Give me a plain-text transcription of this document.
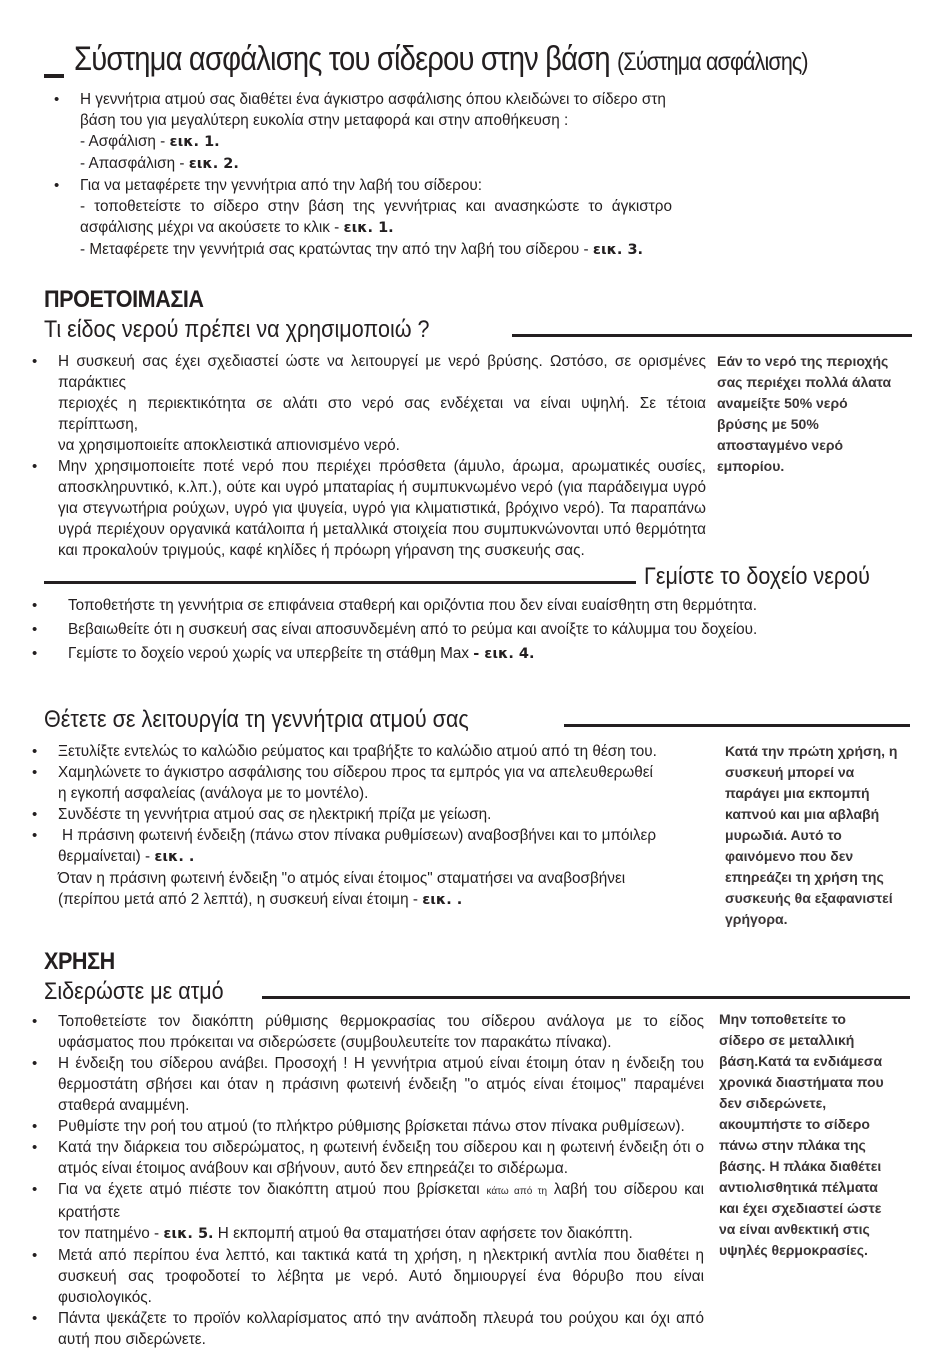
Σύστημα ασφάλισης του σίδερου στην βάση (Σύστημα ασφάλισης)
• Η γεννήτρια ατμού σας διαθέτει ένα άγκιστρο ασφάλισης όπου κλειδώνει το σίδερο στη
βάση του για μεγαλύτερη ευκολία στην μεταφορά και στην αποθήκευση :
- Ασφάλιση - εικ. 1.
- Απασφάλιση - εικ. 2.
• Για να μεταφέρετε την γεννήτρια από την λαβή του σίδερου:
- τοποθετείστε το σίδερο στην βάση της γεννήτριας και ανασηκώστε το άγκιστρο
ασφάλισης μέχρι να ακούσετε το κλικ - εικ. 1.
- Μεταφέρετε την γεννήτριά σας κρατώντας την από την λαβή του σίδερου - εικ. 3.
ΠΡΟΕΤΟΙΜΑΣΙΑ
Τι είδος νερού πρέπει να χρησιμοποιώ ?
• Η συσκευή σας έχει σχεδιαστεί ώστε να λειτουργεί με νερό βρύσης. Ωστόσο, σε ορισμένες παράκτιες
περιοχές η περιεκτικότητα σε αλάτι στο νερό σας ενδέχεται να είναι υψηλή. Σε τέτοια περίπτωση,
να χρησιμοποιείτε αποκλειστικά απιονισμένο νερό.
• Μην χρησιμοποιείτε ποτέ νερό που περιέχει πρόσθετα (άμυλο, άρωμα, αρωματικές ουσίες, αποσκληρυντικό, κ.λπ.), ούτε και υγρό μπαταρίας ή συμπυκνωμένο νερό (για παράδειγμα υγρό για στεγνωτήρια ρούχων, υγρό για ψυγεία, υγρό για κλιματιστικά, βρόχινο νερό). Τα παραπάνω υγρά περιέχουν οργανικά κατάλοιπα ή μεταλλικά στοιχεία που συμπυκνώνονται υπό θερμότητα και προκαλούν τριγμούς, καφέ κηλίδες ή πρόωρη γήρανση της συσκευής σας.
Εάν το νερό της περιοχής
σας περιέχει πολλά άλατα
αναμείξτε 50% νερό
βρύσης με 50%
αποσταγμένο νερό
εμπορίου.
Γεμίστε το δοχείο νερού
• Τοποθετήστε τη γεννήτρια σε επιφάνεια σταθερή και οριζόντια που δεν είναι ευαίσθητη στη θερμότητα.
• Βεβαιωθείτε ότι η συσκευή σας είναι αποσυνδεμένη από το ρεύμα και ανοίξτε το κάλυμμα του δοχείου.
• Γεμίστε το δοχείο νερού χωρίς να υπερβείτε τη στάθμη Max - εικ. 4.
Θέτετε σε λειτουργία τη γεννήτρια ατμού σας
• Ξετυλίξτε εντελώς το καλώδιο ρεύματος και τραβήξτε το καλώδιο ατμού από τη θέση του.
• Χαμηλώνετε το άγκιστρο ασφάλισης του σίδερου προς τα εμπρός για να απελευθερωθεί
η εγκοπή ασφαλείας (ανάλογα με το μοντέλο).
• Συνδέστε τη γεννήτρια ατμού σας σε ηλεκτρική πρίζα με γείωση.
• Η πράσινη φωτεινή ένδειξη (πάνω στον πίνακα ρυθμίσεων) αναβοσβήνει και το μπόιλερ
θερμαίνεται) - εικ. .
Όταν η πράσινη φωτεινή ένδειξη "ο ατμός είναι έτοιμος" σταματήσει να αναβοσβήνει
(περίπου μετά από 2 λεπτά), η συσκευή είναι έτοιμη - εικ. .
Κατά την πρώτη χρήση, η
συσκευή μπορεί να
παράγει μια εκπομπή
καπνού και μια αβλαβή
μυρωδιά. Αυτό το
φαινόμενο που δεν
επηρεάζει τη χρήση της
συσκευής θα εξαφανιστεί
γρήγορα.
ΧΡΗΣΗ
Σιδερώστε με ατμό
• Τοποθετείστε τον διακόπτη ρύθμισης θερμοκρασίας του σίδερου ανάλογα με το είδος υφάσματος που πρόκειται να σιδερώσετε (συμβουλευτείτε τον παρακάτω πίνακα).
• Η ένδειξη του σίδερου ανάβει. Προσοχή ! Η γεννήτρια ατμού είναι έτοιμη όταν η ένδειξη του θερμοστάτη σβήσει και όταν η πράσινη φωτεινή ένδειξη "ο ατμός είναι έτοιμος" παραμένει σταθερά αναμμένη.
• Ρυθμίστε την ροή του ατμού (το πλήκτρο ρύθμισης βρίσκεται πάνω στον πίνακα ρυθμίσεων).
• Κατά την διάρκεια του σιδερώματος, η φωτεινή ένδειξη του σίδερου και η φωτεινή ένδειξη ότι ο ατμός είναι έτοιμος ανάβουν και σβήνουν, αυτό δεν επηρεάζει το σιδέρωμα.
• Για να έχετε ατμό πιέστε τον διακόπτη ατμού που βρίσκεται κάτω από τη λαβή του σίδερου και κρατήστε
τον πατημένο - εικ. 5. Η εκπομπή ατμού θα σταματήσει όταν αφήσετε τον διακόπτη.
• Μετά από περίπου ένα λεπτό, και τακτικά κατά τη χρήση, η ηλεκτρική αντλία που διαθέτει η συσκευή σας τροφοδοτεί το λέβητα με νερό. Αυτό δημιουργεί ένα θόρυβο που είναι φυσιολογικός.
• Πάντα ψεκάζετε το προϊόν κολλαρίσματος από την ανάποδη πλευρά του ρούχου και όχι από αυτή που σιδερώνετε.
Μην τοποθετείτε το
σίδερο σε μεταλλική
βάση.Κατά τα ενδιάμεσα
χρονικά διαστήματα που
δεν σιδερώνετε,
ακουμπήστε το σίδερο
πάνω στην πλάκα της
βάσης. Η πλάκα διαθέτει
αντιολισθητικά πέλματα
και έχει σχεδιαστεί ώστε
να είναι ανθεκτική στις
υψηλές θερμοκρασίες.
